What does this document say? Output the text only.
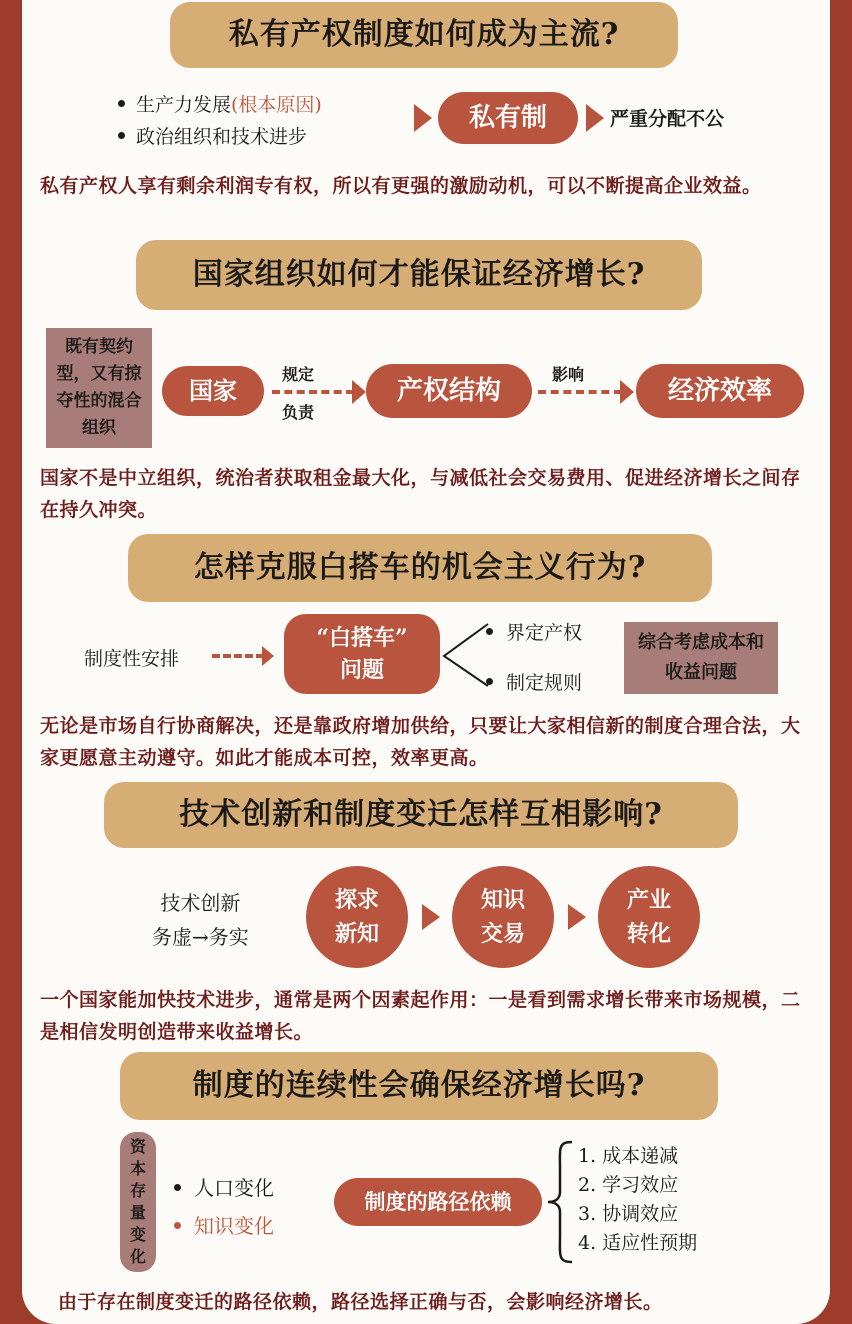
私有产权制度如何成为主流?
生产力发展(根本原因)
政治组织和技术进步
私有制	严重分配不公
私有产权人享有剩余利润专有权，所以有更强的激励动机，可以不断提高企业效益。
国家组织如何才能保证经济增长?
既有契约型，又有掠夺性的混合组织
国家
规定
负责
产权结构
影响
经济效率
国家不是中立组织，统治者获取租金最大化，与减低社会交易费用、促进经济增长之间存在持久冲突。
怎样克服白搭车的机会主义行为?
制度性安排
“白搭车”
问题
界定产权
制定规则
综合考虑成本和收益问题
无论是市场自行协商解决，还是靠政府增加供给，只要让大家相信新的制度合理合法，大家更愿意主动遵守。如此才能成本可控，效率更高。
技术创新和制度变迁怎样互相影响?
技术创新
务虚→务实
探求
新知
知识
交易
产业
转化
一个国家能加快技术进步，通常是两个因素起作用：一是看到需求增长带来市场规模，二是相信发明创造带来收益增长。
制度的连续性会确保经济增长吗?
资
本
存
量
变
化
人口变化
知识变化
制度的路径依赖
1. 成本递减
2. 学习效应
3. 协调效应
4. 适应性预期
由于存在制度变迁的路径依赖，路径选择正确与否，会影响经济增长。
